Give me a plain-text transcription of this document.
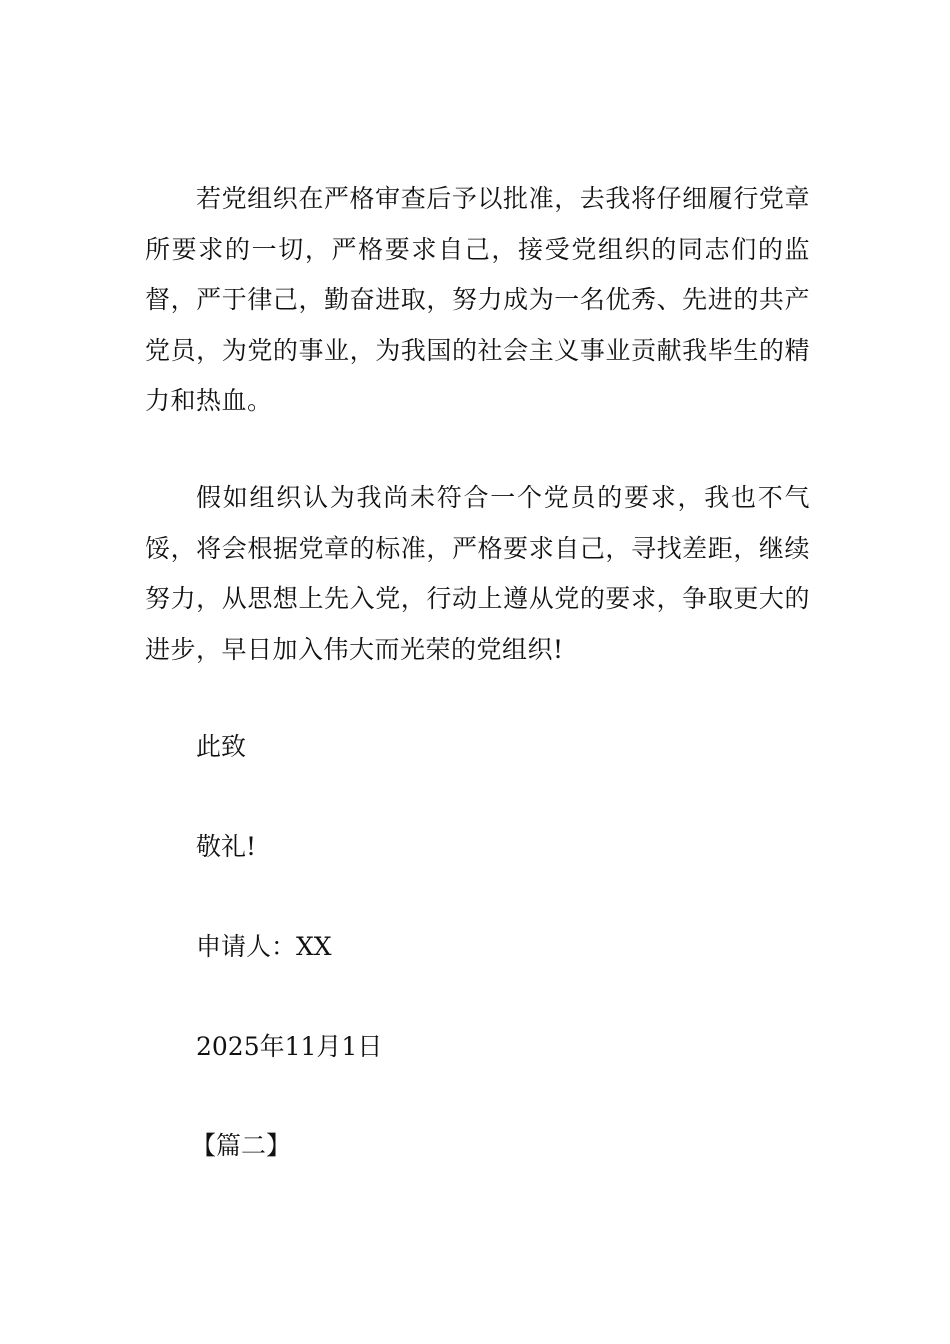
若党组织在严格审查后予以批准，去我将仔细履行党章所要求的一切，严格要求自己，接受党组织的同志们的监督，严于律己，勤奋进取，努力成为一名优秀、先进的共产党员，为党的事业，为我国的社会主义事业贡献我毕生的精力和热血。

假如组织认为我尚未符合一个党员的要求，我也不气馁，将会根据党章的标准，严格要求自己，寻找差距，继续努力，从思想上先入党，行动上遵从党的要求，争取更大的进步，早日加入伟大而光荣的党组织!

此致

敬礼!

申请人：XX

2025年11月1日

【篇二】
